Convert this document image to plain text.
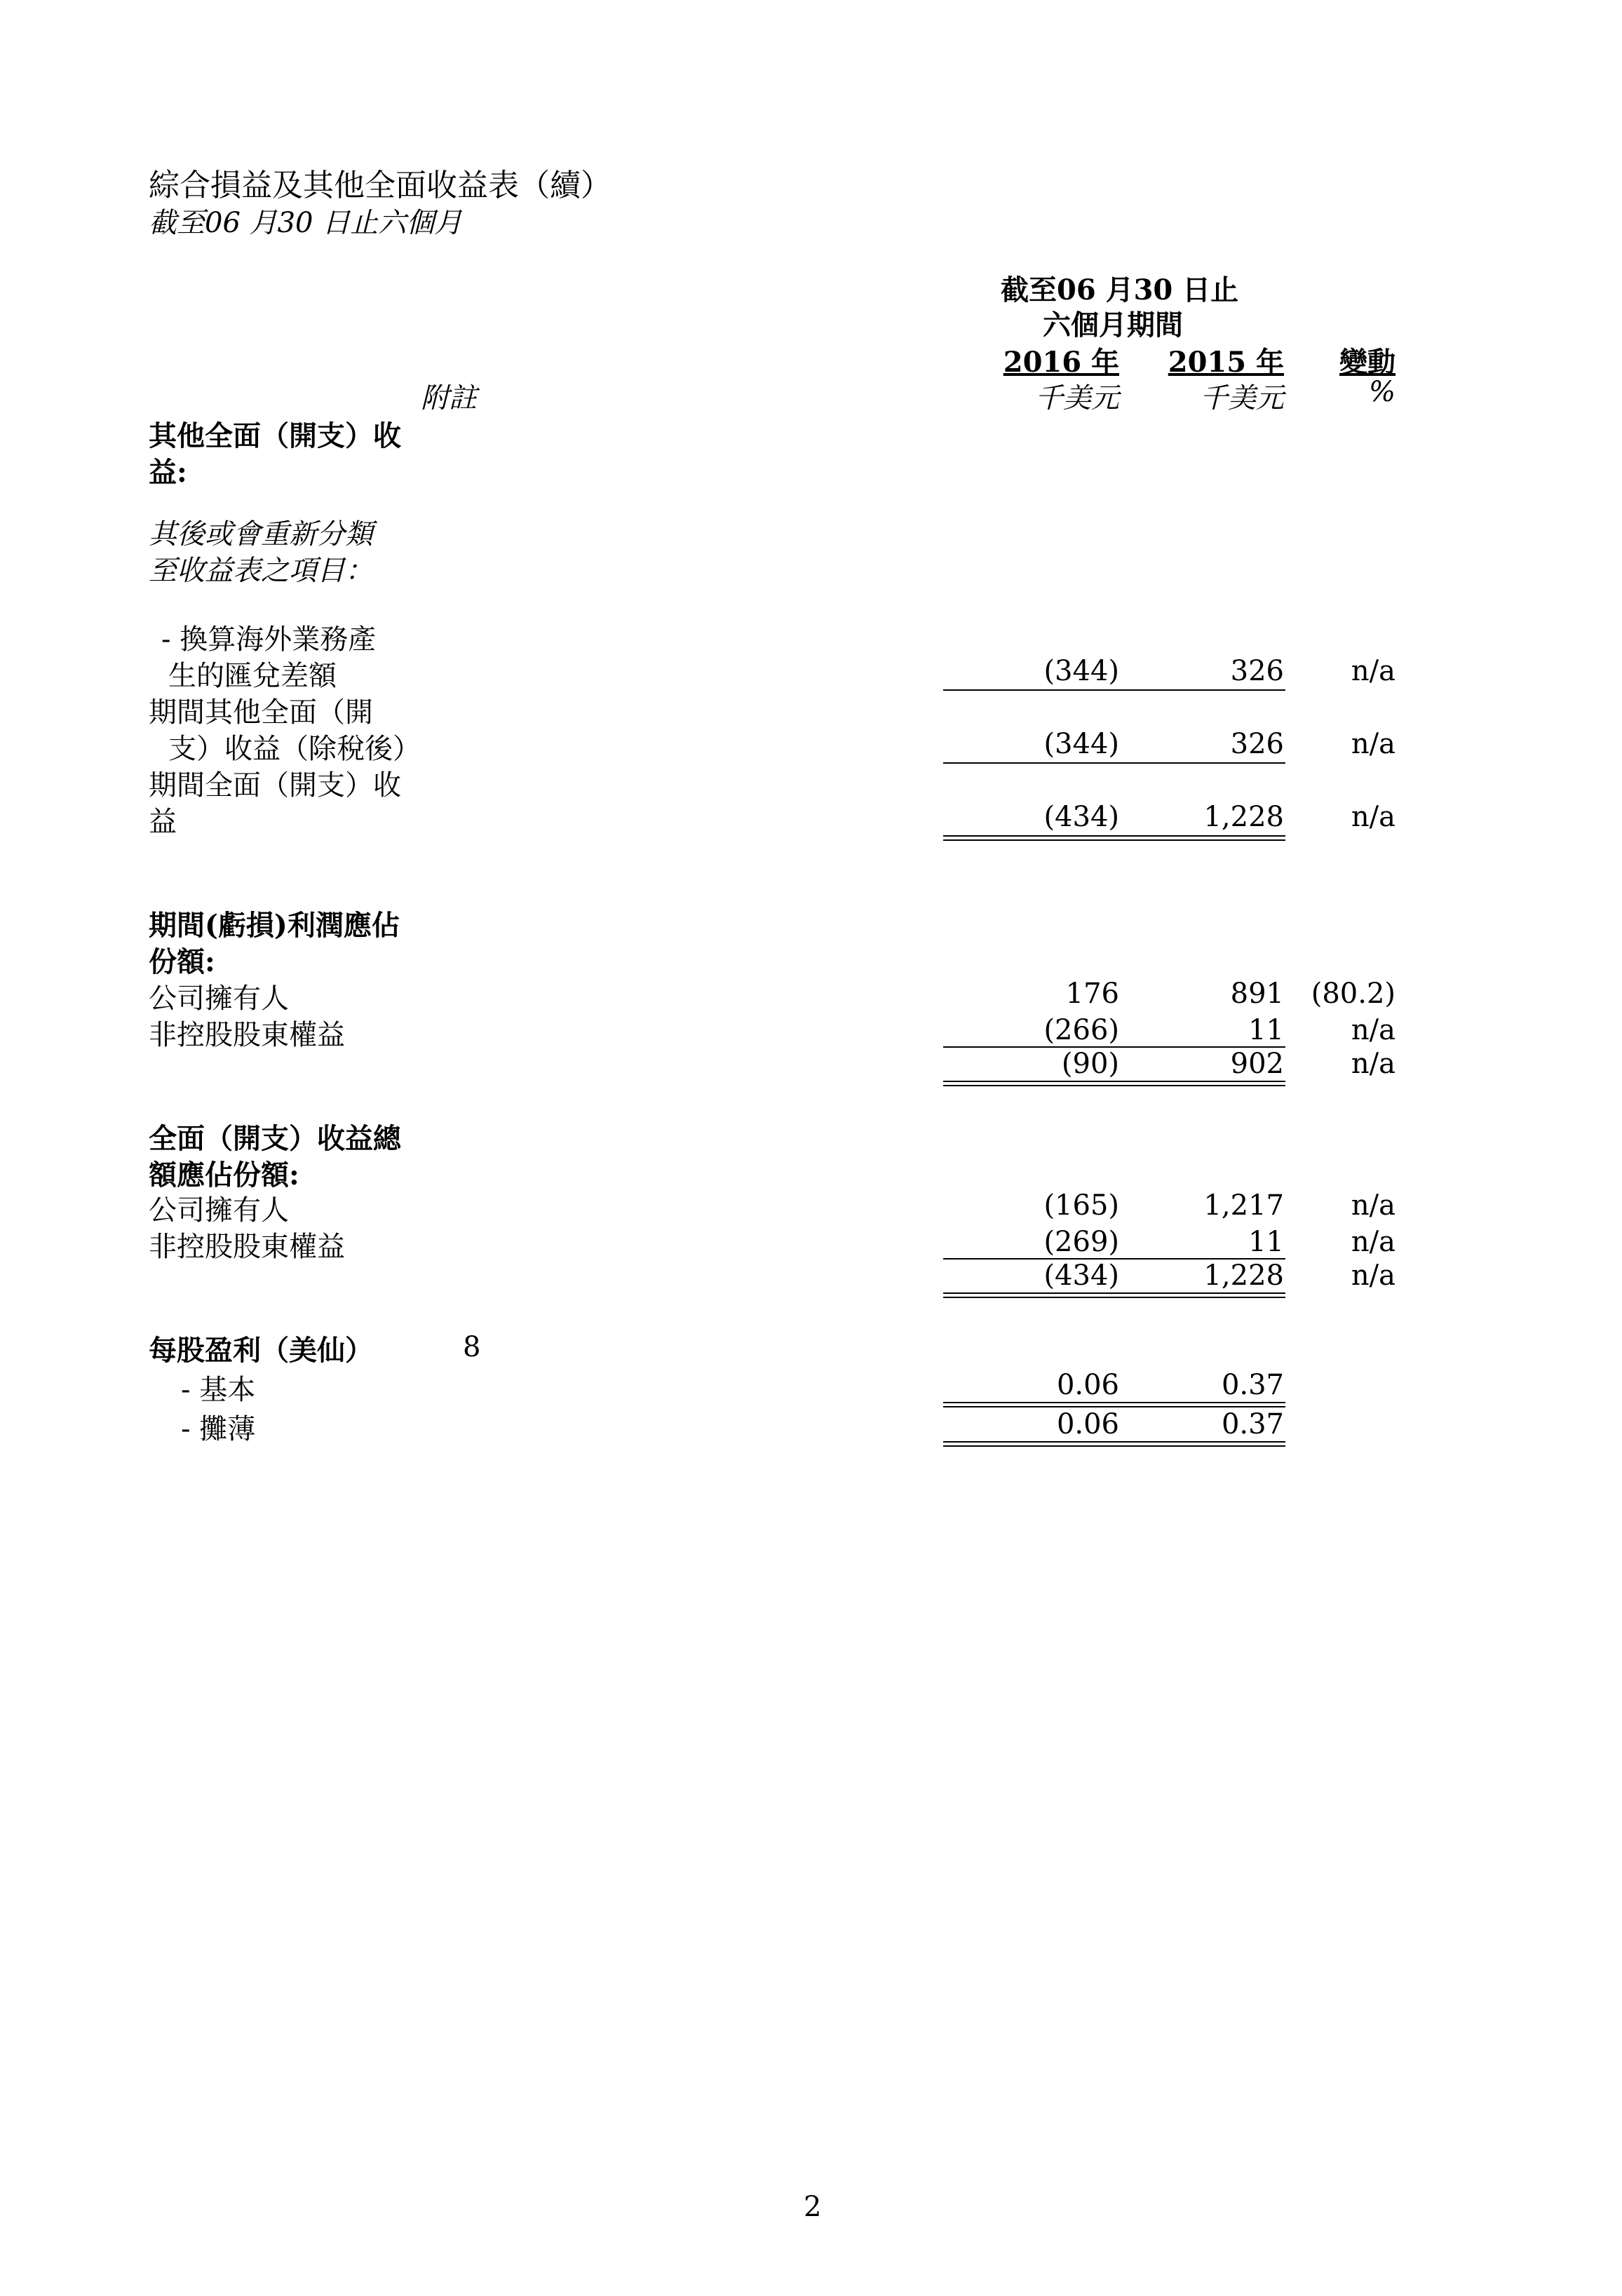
綜合損益及其他全面收益表（續）
截至06 月30 日止六個月
截至06 月30 日止
六個月期間
2016 年 2015 年 變動
附註	千美元	千美元	%
其他全面（開支）收
益:
其後或會重新分類
至收益表之項目：
- 換算海外業務產
生的匯兌差額	(344)	326 n/a
期間其他全面（開
支）收益（除稅後）	(344)	326 n/a
期間全面（開支）收
益	(434)	1,228 n/a
期間(虧損)利潤應佔
份額:
公司擁有人	176	891 (80.2)
非控股股東權益	(266)	11 n/a
(90)	902 n/a
全面（開支）收益總
額應佔份額:
公司擁有人	(165)	1,217 n/a
非控股股東權益	(269)	11 n/a
(434)	1,228 n/a
每股盈利（美仙）	8
- 基本	0.06	0.37
- 攤薄	0.06	0.37
2
